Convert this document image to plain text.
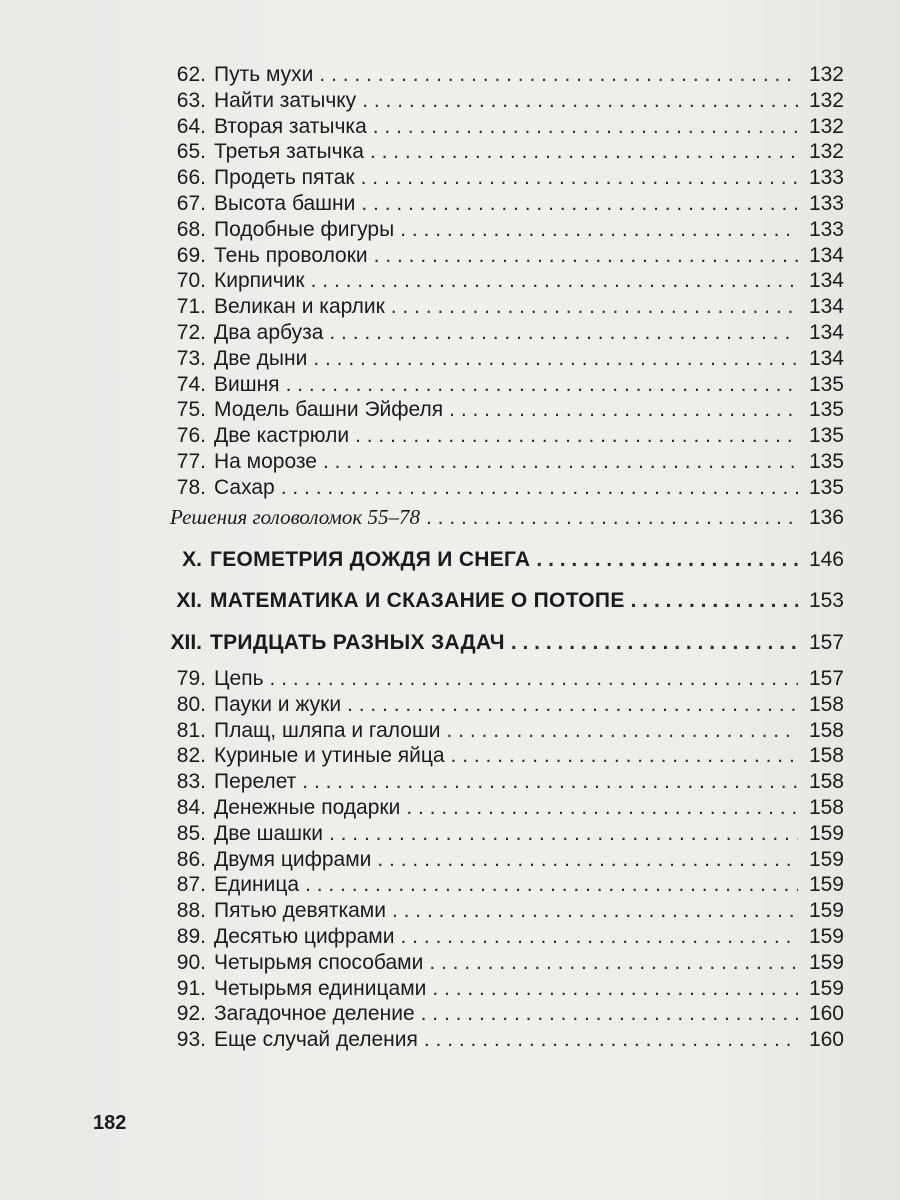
62. Путь мухи . . .	132
63. Найти затычку . . .	132
64. Вторая затычка . . .	132
65. Третья затычка . . .	132
66. Продеть пятак . . .	133
67. Высота башни . . .	133
68. Подобные фигуры . . .	133
69. Тень проволоки . . .	134
70. Кирпичик . . .	134
71. Великан и карлик . . .	134
72. Два арбуза . . .	134
73. Две дыни . . .	134
74. Вишня . . .	135
75. Модель башни Эйфеля . . .	135
76. Две кастрюли . . .	135
77. На морозе . . .	135
78. Сахар . . .	135
Решения головоломок 55–78 . . .	136
X. ГЕОМЕТРИЯ ДОЖДЯ И СНЕГА . . .	146
XI. МАТЕМАТИКА И СКАЗАНИЕ О ПОТОПЕ . . .	153
XII. ТРИДЦАТЬ РАЗНЫХ ЗАДАЧ . . .	157
79. Цепь . . .	157
80. Пауки и жуки . . .	158
81. Плащ, шляпа и галоши . . .	158
82. Куриные и утиные яйца . . .	158
83. Перелет . . .	158
84. Денежные подарки . . .	158
85. Две шашки . . .	159
86. Двумя цифрами . . .	159
87. Единица . . .	159
88. Пятью девятками . . .	159
89. Десятью цифрами . . .	159
90. Четырьмя способами . . .	159
91. Четырьмя единицами . . .	159
92. Загадочное деление . . .	160
93. Еще случай деления . . .	160
182
